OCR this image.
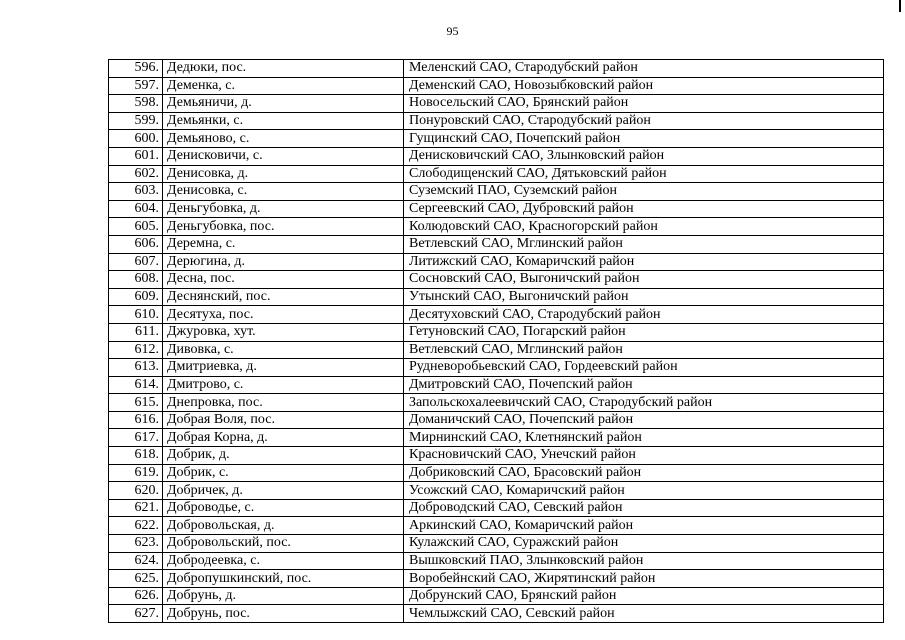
95
596.	Дедюки, пос.	Меленский САО, Стародубский район
597.	Деменка, с.	Деменский САО, Новозыбковский район
598.	Демьяничи, д.	Новосельский САО, Брянский район
599.	Демьянки, с.	Понуровский САО, Стародубский район
600.	Демьяново, с.	Гущинский САО, Почепский район
601.	Денисковичи, с.	Денисковичский САО, Злынковский район
602.	Денисовка, д.	Слободищенский САО, Дятьковский район
603.	Денисовка, с.	Суземский ПАО, Суземский район
604.	Деньгубовка, д.	Сергеевский САО, Дубровский район
605.	Деньгубовка, пос.	Колюдовский САО, Красногорский район
606.	Деремна, с.	Ветлевский САО, Мглинский район
607.	Дерюгина, д.	Литижский САО, Комаричский район
608.	Десна, пос.	Сосновский САО, Выгоничский район
609.	Деснянский, пос.	Утынский САО, Выгоничский район
610.	Десятуха, пос.	Десятуховский САО, Стародубский район
611.	Джуровка, хут.	Гетуновский САО, Погарский район
612.	Дивовка, с.	Ветлевский САО, Мглинский район
613.	Дмитриевка, д.	Рудневоробьевский САО, Гордеевский район
614.	Дмитрово, с.	Дмитровский САО, Почепский район
615.	Днепровка, пос.	Запольскохалеевичский САО, Стародубский район
616.	Добрая Воля, пос.	Доманичский САО, Почепский район
617.	Добрая Корна, д.	Мирнинский САО, Клетнянский район
618.	Добрик, д.	Красновичский САО, Унечский район
619.	Добрик, с.	Добриковский САО, Брасовский район
620.	Добричек, д.	Усожский САО, Комаричский район
621.	Доброводье, с.	Доброводский САО, Севский район
622.	Добровольская, д.	Аркинский САО, Комаричский район
623.	Добровольский, пос.	Кулажский САО, Суражский район
624.	Добродеевка, с.	Вышковский ПАО, Злынковский район
625.	Добропушкинский, пос.	Воробейнский САО, Жирятинский район
626.	Добрунь, д.	Добрунский САО, Брянский район
627.	Добрунь, пос.	Чемлыжский САО, Севский район
